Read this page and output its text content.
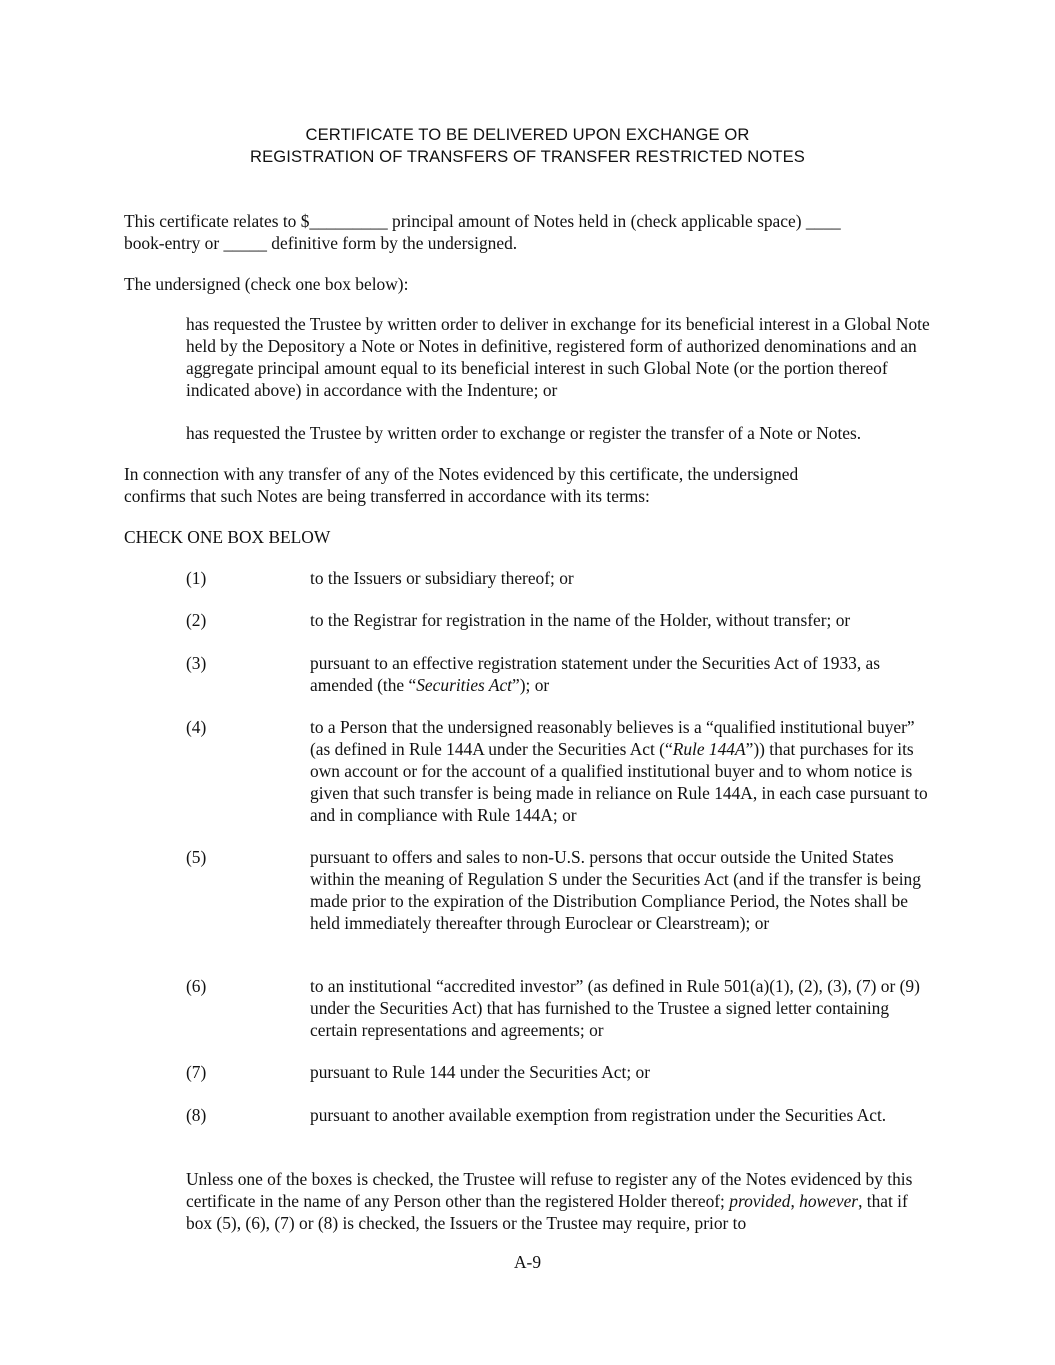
CERTIFICATE TO BE DELIVERED UPON EXCHANGE OR
REGISTRATION OF TRANSFERS OF TRANSFER RESTRICTED NOTES
This certificate relates to $_________ principal amount of Notes held in (check applicable space) ____
book-entry or _____ definitive form by the undersigned.
The undersigned (check one box below):
has requested the Trustee by written order to deliver in exchange for its beneficial interest in a Global Note held by the Depository a Note or Notes in definitive, registered form of authorized denominations and an aggregate principal amount equal to its beneficial interest in such Global Note (or the portion thereof indicated above) in accordance with the Indenture; or
has requested the Trustee by written order to exchange or register the transfer of a Note or Notes.
In connection with any transfer of any of the Notes evidenced by this certificate, the undersigned
confirms that such Notes are being transferred in accordance with its terms:
CHECK ONE BOX BELOW
(1)	to the Issuers or subsidiary thereof; or
(2)	to the Registrar for registration in the name of the Holder, without transfer; or
(3)	pursuant to an effective registration statement under the Securities Act of 1933, as amended (the “Securities Act”); or
(4)	to a Person that the undersigned reasonably believes is a “qualified institutional buyer” (as defined in Rule 144A under the Securities Act (“Rule 144A”)) that purchases for its own account or for the account of a qualified institutional buyer and to whom notice is given that such transfer is being made in reliance on Rule 144A, in each case pursuant to and in compliance with Rule 144A; or
(5)	pursuant to offers and sales to non-U.S. persons that occur outside the United States within the meaning of Regulation S under the Securities Act (and if the transfer is being made prior to the expiration of the Distribution Compliance Period, the Notes shall be held immediately thereafter through Euroclear or Clearstream); or
(6)	to an institutional “accredited investor” (as defined in Rule 501(a)(1), (2), (3), (7) or (9) under the Securities Act) that has furnished to the Trustee a signed letter containing certain representations and agreements; or
(7)	pursuant to Rule 144 under the Securities Act; or
(8)	pursuant to another available exemption from registration under the Securities Act.
Unless one of the boxes is checked, the Trustee will refuse to register any of the Notes evidenced by this certificate in the name of any Person other than the registered Holder thereof; provided, however, that if box (5), (6), (7) or (8) is checked, the Issuers or the Trustee may require, prior to
A-9
